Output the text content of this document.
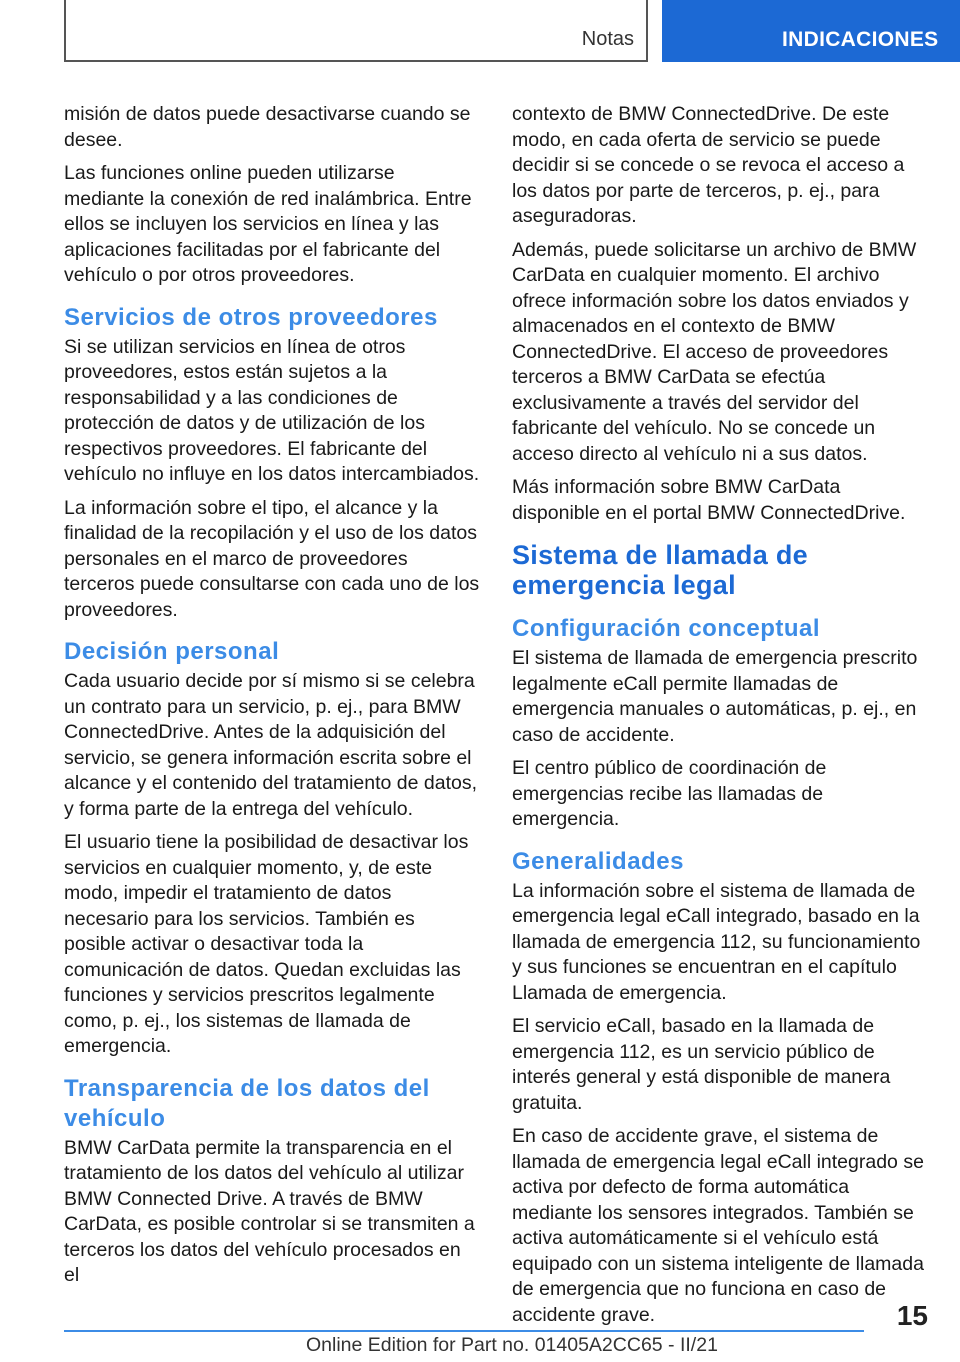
Notas	INDICACIONES

misión de datos puede desactivarse cuando se desee.

Las funciones online pueden utilizarse mediante la conexión de red inalámbrica. Entre ellos se incluyen los servicios en línea y las aplicaciones facilitadas por el fabricante del vehículo o por otros proveedores.

Servicios de otros proveedores

Si se utilizan servicios en línea de otros proveedores, estos están sujetos a la responsabilidad y a las condiciones de protección de datos y de utilización de los respectivos proveedores. El fabricante del vehículo no influye en los datos intercambiados.

La información sobre el tipo, el alcance y la finalidad de la recopilación y el uso de los datos personales en el marco de proveedores terceros puede consultarse con cada uno de los proveedores.

Decisión personal

Cada usuario decide por sí mismo si se celebra un contrato para un servicio, p. ej., para BMW ConnectedDrive. Antes de la adquisición del servicio, se genera información escrita sobre el alcance y el contenido del tratamiento de datos, y forma parte de la entrega del vehículo.

El usuario tiene la posibilidad de desactivar los servicios en cualquier momento, y, de este modo, impedir el tratamiento de datos necesario para los servicios. También es posible activar o desactivar toda la comunicación de datos. Quedan excluidas las funciones y servicios prescritos legalmente como, p. ej., los sistemas de llamada de emergencia.

Transparencia de los datos del vehículo

BMW CarData permite la transparencia en el tratamiento de los datos del vehículo al utilizar BMW Connected Drive. A través de BMW CarData, es posible controlar si se transmiten a terceros los datos del vehículo procesados en el

contexto de BMW ConnectedDrive. De este modo, en cada oferta de servicio se puede decidir si se concede o se revoca el acceso a los datos por parte de terceros, p. ej., para aseguradoras.

Además, puede solicitarse un archivo de BMW CarData en cualquier momento. El archivo ofrece información sobre los datos enviados y almacenados en el contexto de BMW ConnectedDrive. El acceso de proveedores terceros a BMW CarData se efectúa exclusivamente a través del servidor del fabricante del vehículo. No se concede un acceso directo al vehículo ni a sus datos.

Más información sobre BMW CarData disponible en el portal BMW ConnectedDrive.

Sistema de llamada de emergencia legal
Configuración conceptual

El sistema de llamada de emergencia prescrito legalmente eCall permite llamadas de emergencia manuales o automáticas, p. ej., en caso de accidente.

El centro público de coordinación de emergencias recibe las llamadas de emergencia.

Generalidades

La información sobre el sistema de llamada de emergencia legal eCall integrado, basado en la llamada de emergencia 112, su funcionamiento y sus funciones se encuentran en el capítulo Llamada de emergencia.

El servicio eCall, basado en la llamada de emergencia 112, es un servicio público de interés general y está disponible de manera gratuita.

En caso de accidente grave, el sistema de llamada de emergencia legal eCall integrado se activa por defecto de forma automática mediante los sensores integrados. También se activa automáticamente si el vehículo está equipado con un sistema inteligente de llamada de emergencia que no funciona en caso de accidente grave.	15
Online Edition for Part no. 01405A2CC65 - II/21
